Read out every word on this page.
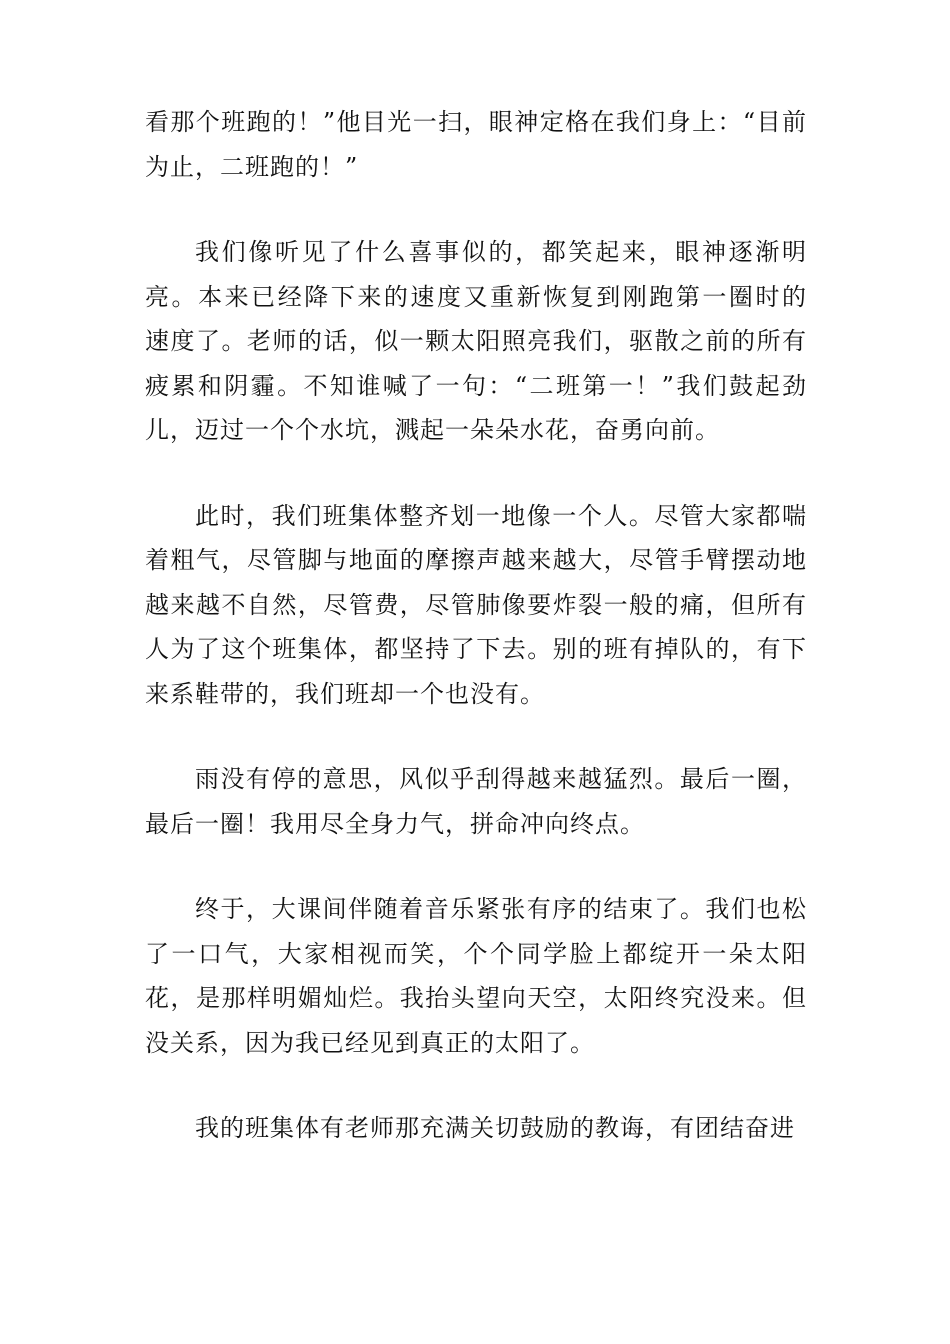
看那个班跑的！”他目光一扫，眼神定格在我们身上：“目前为止，二班跑的！”

我们像听见了什么喜事似的，都笑起来，眼神逐渐明亮。本来已经降下来的速度又重新恢复到刚跑第一圈时的　速度了。老师的话，似一颗太阳照亮我们，驱散之前的所有疲累和阴霾。不知谁喊了一句：“二班第一！”我们鼓起劲儿，迈过一个个水坑，溅起一朵朵水花，奋勇向前。

此时，我们班集体整齐划一地像一个人。尽管大家都喘着粗气，尽管脚与地面的摩擦声越来越大，尽管手臂摆动地越来越不自然，尽管费，尽管肺像要炸裂一般的痛，但所有人为了这个班集体，都坚持了下去。别的班有掉队的，有下来系鞋带的，我们班却一个也没有。

雨没有停的意思，风似乎刮得越来越猛烈。最后一圈，最后一圈！我用尽全身力气，拼命冲向终点。

终于，大课间伴随着音乐紧张有序的结束了。我们也松了一口气，大家相视而笑，个个同学脸上都绽开一朵太阳花，是那样明媚灿烂。我抬头望向天空，太阳终究没来。但没关系，因为我已经见到真正的太阳了。

我的班集体有老师那充满关切鼓励的教诲，有团结奋进
